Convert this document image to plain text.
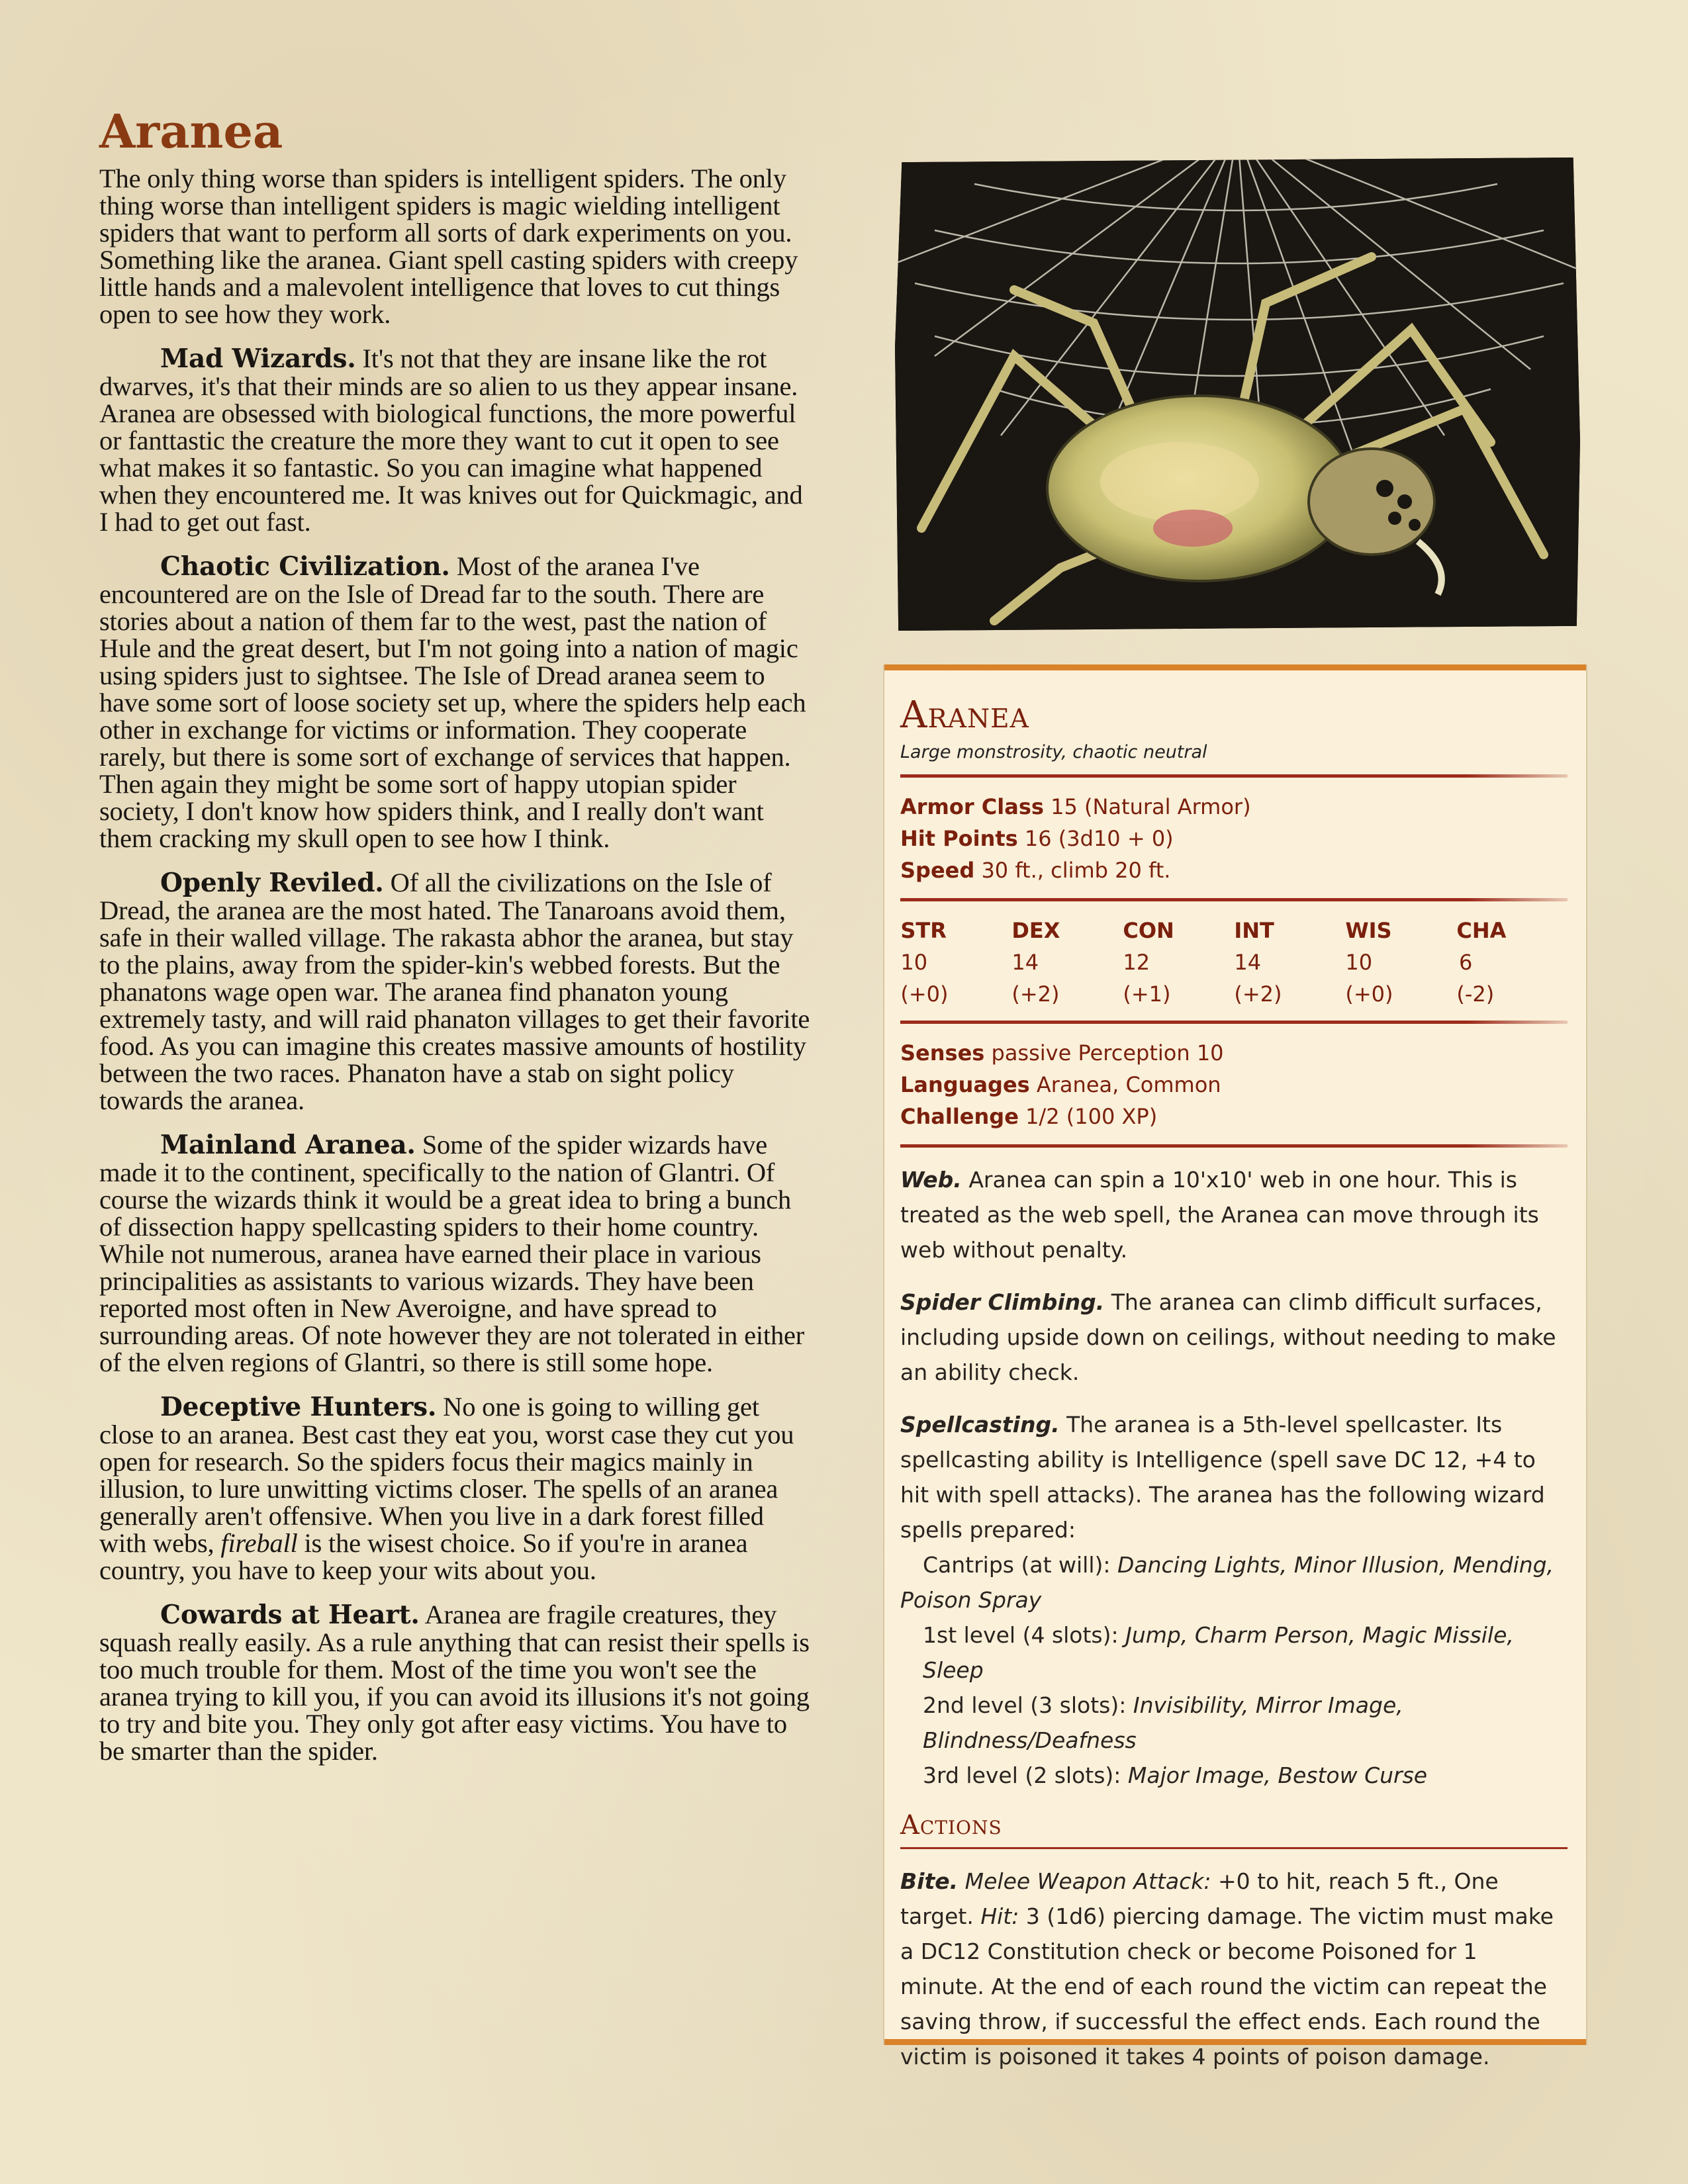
Aranea

The only thing worse than spiders is intelligent spiders. The only thing worse than intelligent spiders is magic wielding intelligent spiders that want to perform all sorts of dark experiments on you. Something like the aranea. Giant spell casting spiders with creepy little hands and a malevolent intelligence that loves to cut things open to see how they work.

Mad Wizards. It's not that they are insane like the rot dwarves, it's that their minds are so alien to us they appear insane. Aranea are obsessed with biological functions, the more powerful or fanttastic the creature the more they want to cut it open to see what makes it so fantastic. So you can imagine what happened when they encountered me. It was knives out for Quickmagic, and I had to get out fast.

Chaotic Civilization. Most of the aranea I've encountered are on the Isle of Dread far to the south. There are stories about a nation of them far to the west, past the nation of Hule and the great desert, but I'm not going into a nation of magic using spiders just to sightsee. The Isle of Dread aranea seem to have some sort of loose society set up, where the spiders help each other in exchange for victims or information. They cooperate rarely, but there is some sort of exchange of services that happen. Then again they might be some sort of happy utopian spider society, I don't know how spiders think, and I really don't want them cracking my skull open to see how I think.

Openly Reviled. Of all the civilizations on the Isle of Dread, the aranea are the most hated. The Tanaroans avoid them, safe in their walled village. The rakasta abhor the aranea, but stay to the plains, away from the spider-kin's webbed forests. But the phanatons wage open war. The aranea find phanaton young extremely tasty, and will raid phanaton villages to get their favorite food. As you can imagine this creates massive amounts of hostility between the two races. Phanaton have a stab on sight policy towards the aranea.

Mainland Aranea. Some of the spider wizards have made it to the continent, specifically to the nation of Glantri. Of course the wizards think it would be a great idea to bring a bunch of dissection happy spellcasting spiders to their home country. While not numerous, aranea have earned their place in various principalities as assistants to various wizards. They have been reported most often in New Averoigne, and have spread to surrounding areas. Of note however they are not tolerated in either of the elven regions of Glantri, so there is still some hope.

Deceptive Hunters. No one is going to willing get close to an aranea. Best cast they eat you, worst case they cut you open for research. So the spiders focus their magics mainly in illusion, to lure unwitting victims closer. The spells of an aranea generally aren't offensive. When you live in a dark forest filled with webs, fireball is the wisest choice. So if you're in aranea country, you have to keep your wits about you.

Cowards at Heart. Aranea are fragile creatures, they squash really easily. As a rule anything that can resist their spells is too much trouble for them. Most of the time you won't see the aranea trying to kill you, if you can avoid its illusions it's not going to try and bite you. They only got after easy victims. You have to be smarter than the spider.

Aranea
Large monstrosity, chaotic neutral
Armor Class 15 (Natural Armor)
Hit Points 16 (3d10 + 0)
Speed 30 ft., climb 20 ft.
STR
10 (+0)
DEX
14 (+2)
CON
12 (+1)
INT
14 (+2)
WIS
10 (+0)
CHA
6 (-2)
Senses passive Perception 10
Languages Aranea, Common
Challenge 1/2 (100 XP)
Web. Aranea can spin a 10'x10' web in one hour. This is treated as the web spell, the Aranea can move through its web without penalty.
Spider Climbing. The aranea can climb difficult surfaces, including upside down on ceilings, without needing to make an ability check.
Spellcasting. The aranea is a 5th-level spellcaster. Its spellcasting ability is Intelligence (spell save DC 12, +4 to hit with spell attacks). The aranea has the following wizard spells prepared:
Cantrips (at will): Dancing Lights, Minor Illusion, Mending, Poison Spray
1st level (4 slots): Jump, Charm Person, Magic Missile, Sleep
2nd level (3 slots): Invisibility, Mirror Image, Blindness/Deafness
3rd level (2 slots): Major Image, Bestow Curse
Actions
Bite. Melee Weapon Attack: +0 to hit, reach 5 ft., One target. Hit: 3 (1d6) piercing damage. The victim must make a DC12 Constitution check or become Poisoned for 1 minute. At the end of each round the victim can repeat the saving throw, if successful the effect ends. Each round the victim is poisoned it takes 4 points of poison damage.
